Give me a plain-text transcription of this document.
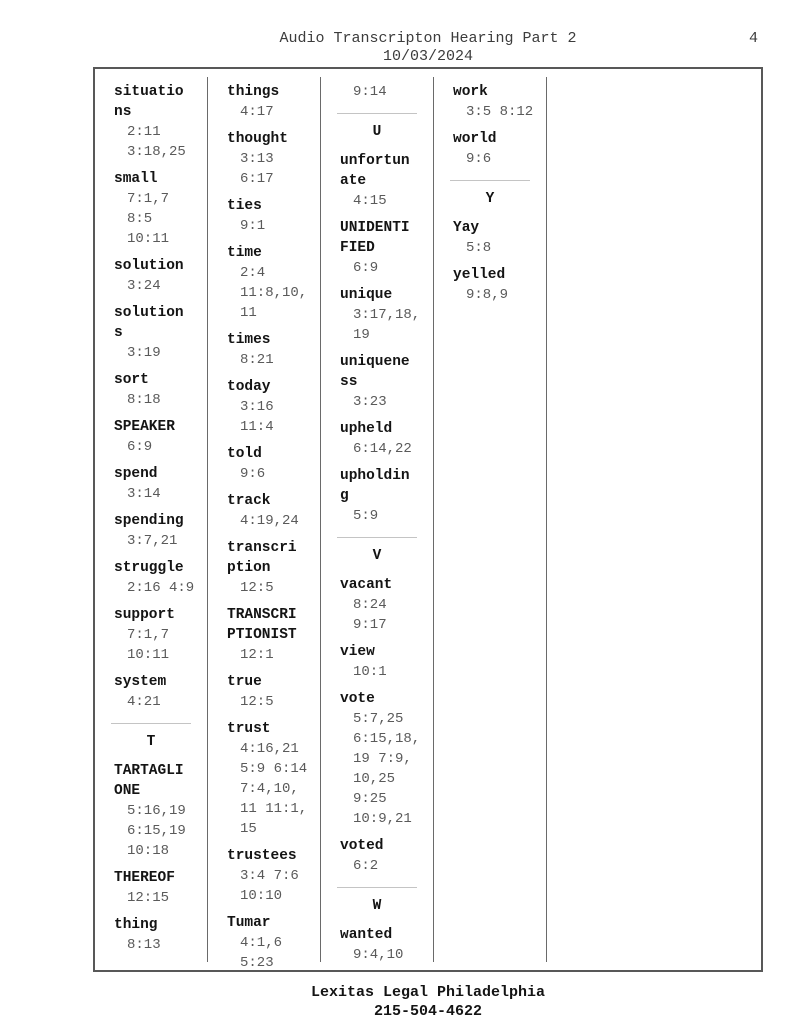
Audio Transcripton Hearing Part 2
10/03/2024
4
situatio
ns
2:11
3:18,25
small
7:1,7
8:5
10:11
solution
3:24
solution
s
3:19
sort
8:18
SPEAKER
6:9
spend
3:14
spending
3:7,21
struggle
2:16 4:9
support
7:1,7
10:11
system
4:21
T
TARTAGLI
ONE
5:16,19
6:15,19
10:18
THEREOF
12:15
thing
8:13
things
4:17
thought
3:13
6:17
ties
9:1
time
2:4
11:8,10,
11
times
8:21
today
3:16
11:4
told
9:6
track
4:19,24
transcri
ption
12:5
TRANSCRI
PTIONIST
12:1
true
12:5
trust
4:16,21
5:9 6:14
7:4,10,
11 11:1,
15
trustees
3:4 7:6
10:10
Tumar
4:1,6
5:23
9:14
U
unfortun
ate
4:15
UNIDENTI
FIED
6:9
unique
3:17,18,
19
uniquene
ss
3:23
upheld
6:14,22
upholdin
g
5:9
V
vacant
8:24
9:17
view
10:1
vote
5:7,25
6:15,18,
19 7:9,
10,25
9:25
10:9,21
voted
6:2
W
wanted
9:4,10
work
3:5 8:12
world
9:6
Y
Yay
5:8
yelled
9:8,9
Lexitas Legal Philadelphia
215-504-4622
